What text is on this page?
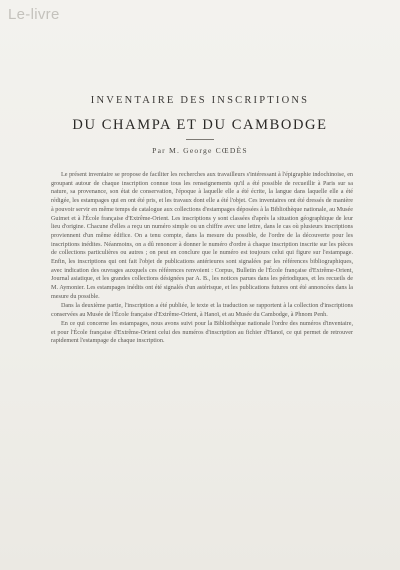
Le-livre
INVENTAIRE DES INSCRIPTIONS
DU CHAMPA ET DU CAMBODGE
Par M. George CŒDÈS

Le présent inventaire se propose de faciliter les recherches aux travailleurs s'intéressant à l'épigraphie indochinoise, en groupant autour de chaque inscription connue tous les renseignements qu'il a été possible de recueillir à Paris sur sa nature, sa provenance, son état de conservation, l'époque à laquelle elle a été écrite, la langue dans laquelle elle a été rédigée, les estampages qui en ont été pris, et les travaux dont elle a été l'objet. Ces inventaires ont été dressés de manière à pouvoir servir en même temps de catalogue aux collections d'estampages déposées à la Bibliothèque nationale, au Musée Guimet et à l'École française d'Extrême-Orient. Les inscriptions y sont classées d'après la situation géographique de leur lieu d'origine. Chacune d'elles a reçu un numéro simple ou un chiffre avec une lettre, dans le cas où plusieurs inscriptions proviennent d'un même édifice. On a tenu compte, dans la mesure du possible, de l'ordre de la découverte pour les inscriptions inédites. Néanmoins, on a dû renoncer à donner le numéro d'ordre à chaque inscription inscrite sur les pièces de collections particulières ou autres ; on peut en conclure que le numéro est toujours celui qui figure sur l'estampage. Enfin, les inscriptions qui ont fait l'objet de publications antérieures sont signalées par les références bibliographiques, avec indication des ouvrages auxquels ces références renvoient : Corpus, Bulletin de l'École française d'Extrême-Orient, Journal asiatique, et les grandes collections désignées par A. B., les notices parues dans les périodiques, et les recueils de M. Aymonier. Les estampages inédits ont été signalés d'un astérisque, et les publications futures ont été annoncées dans la mesure du possible.

Dans la deuxième partie, l'inscription a été publiée, le texte et la traduction se rapportent à la collection d'inscriptions conservées au Musée de l'École française d'Extrême-Orient, à Hanoï, et au Musée du Cambodge, à Phnom Penh.

En ce qui concerne les estampages, nous avons suivi pour la Bibliothèque nationale l'ordre des numéros d'inventaire, et pour l'École française d'Extrême-Orient celui des numéros d'inscription au fichier d'Hanoï, ce qui permet de retrouver rapidement l'estampage de chaque inscription.
